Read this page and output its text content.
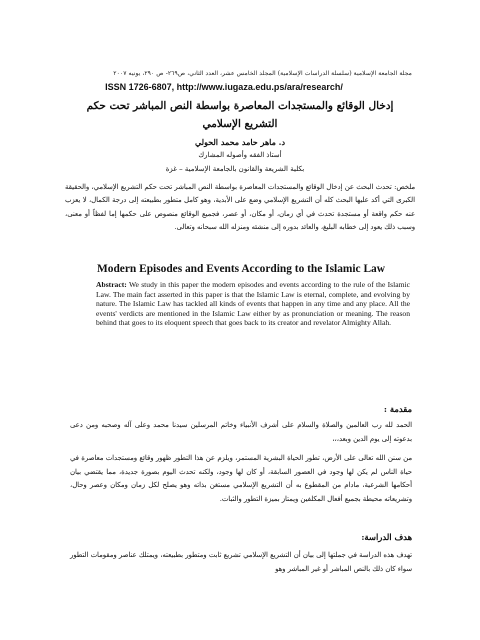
مجلة الجامعة الإسلامية (سلسلة الدراسات الإسلامية) المجلد الخامس عشر، العدد الثاني، ص٢٦٩- ص ٢٩٠، يونيه ٢٠٠٧
ISSN 1726-6807, http://www.iugaza.edu.ps/ara/research/
إدخال الوقائع والمستجدات المعاصرة بواسطة النص المباشر تحت حكم
التشريع الإسلامي
د. ماهر حامد محمد الحولي
أستاذ الفقه وأصوله المشارك
بكلية الشريعة والقانون بالجامعة الإسلامية – غزة
ملخص: تحدث البحث عن إدخال الوقائع والمستجدات المعاصرة بواسطة النص المباشر تحت حكم التشريع الإسلامي، والحقيقة الكبرى التي أكد عليها البحث كله أن التشريع الإسلامي وضع على الأبدية، وهو كامل متطور بطبيعته إلى درجة الكمال، لا يعزب عنه حكم واقعة أو مستجدة تحدث في أي زمان، أو مكان، أو عصر، فجميع الوقائع منصوص على حكمها إما لفظاً أو معنى، وسبب ذلك يعود إلى خطابه البليغ، والعائد بدوره إلى منشئه ومنزله الله سبحانه وتعالى.
Modern Episodes and Events According to the Islamic Law
Abstract: We study in this paper the modern episodes and events according to the rule of the Islamic Law. The main fact asserted in this paper is that the Islamic Law is eternal, complete, and evolving by nature. The Islamic Law has tackled all kinds of events that happen in any time and any place. All the events' verdicts are mentioned in the Islamic Law either by as pronunciation or meaning. The reason behind that goes to its eloquent speech that goes back to its creator and revelator Almighty Allah.
مقدمة :
الحمد لله رب العالمين والصلاة والسلام على أشرف الأنبياء وخاتم المرسلين سيدنا محمد وعلى آله وصحبه ومن دعى بدعوته إلى يوم الدين وبعد،،،
من سنن الله تعالى على الأرض، تطور الحياة البشرية المستمر، ويلزم عن هذا التطور ظهور وقائع ومستجدات معاصرة في حياة الناس لم يكن لها وجود في العصور السابقة، أو كان لها وجود، ولكنه تحدث اليوم بصورة جديدة، مما يقتضي بيان أحكامها الشرعية، مادام من المقطوع به أن التشريع الإسلامي مستغن بذاته وهو يصلح لكل زمان ومكان وعصر وحال، وتشريعاته محيطة بجميع أفعال المكلفين ويمتاز بميزة التطور والثبات.
هدف الدراسة:
تهدف هذه الدراسة في جملتها إلى بيان أن التشريع الإسلامي تشريع ثابت ومتطور بطبيعته، ويمتلك عناصر ومقومات التطور سواء كان ذلك بالنص المباشر أو غير المباشر وهو
